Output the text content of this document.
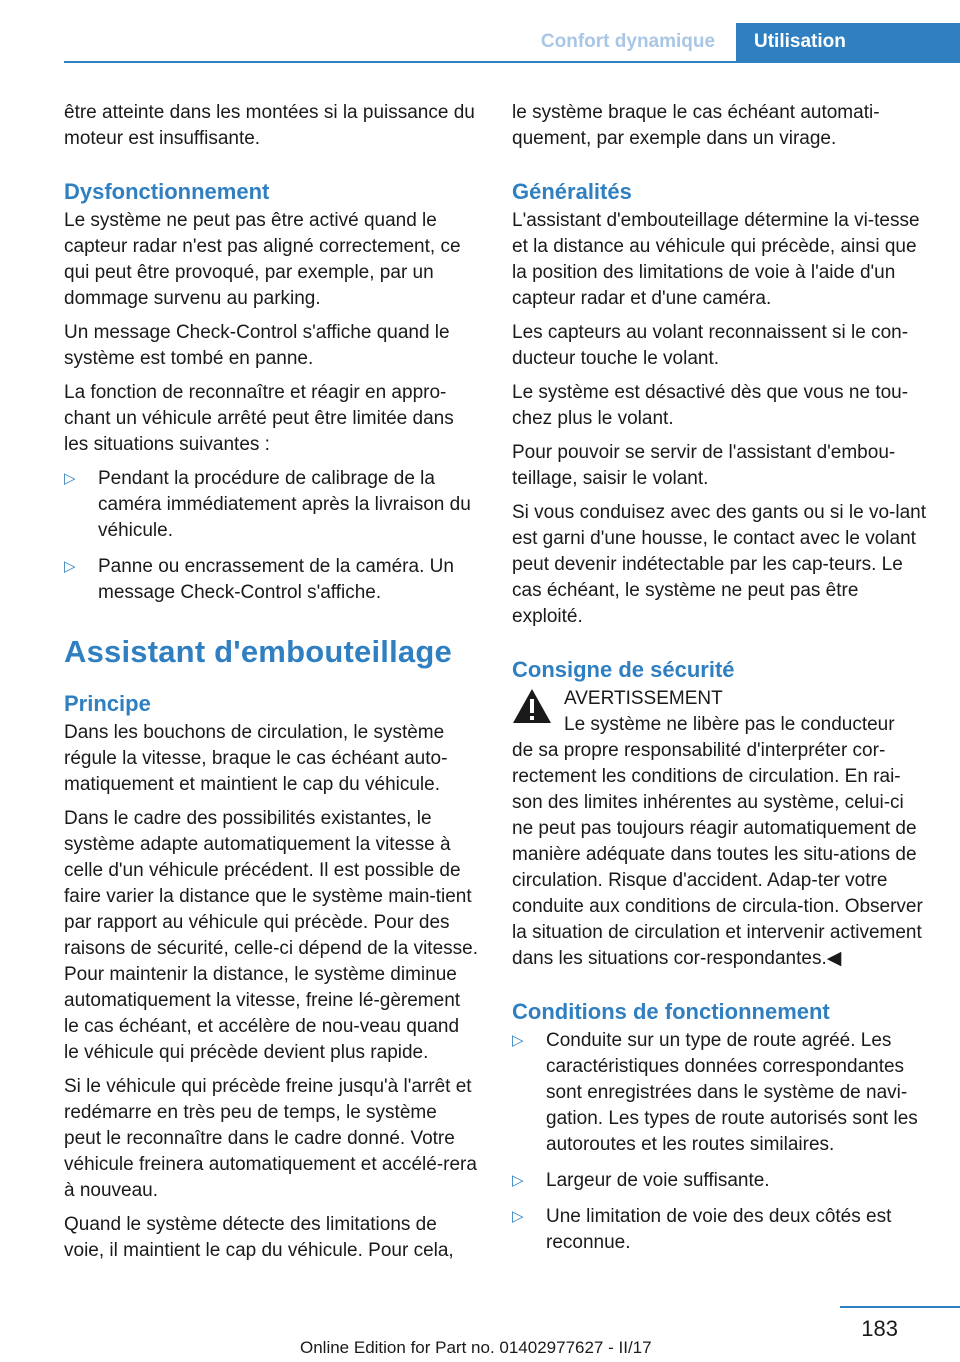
Confort dynamique	Utilisation

être atteinte dans les montées si la puissance du moteur est insuffisante.

Dysfonctionnement

Le système ne peut pas être activé quand le capteur radar n'est pas aligné correctement, ce qui peut être provoqué, par exemple, par un dommage survenu au parking.

Un message Check-Control s'affiche quand le système est tombé en panne.

La fonction de reconnaître et réagir en appro‐chant un véhicule arrêté peut être limitée dans les situations suivantes :

▷ Pendant la procédure de calibrage de la caméra immédiatement après la livraison du véhicule.
▷ Panne ou encrassement de la caméra. Un message Check-Control s'affiche.
Assistant d'embouteillage
Principe

Dans les bouchons de circulation, le système régule la vitesse, braque le cas échéant auto‐matiquement et maintient le cap du véhicule.

Dans le cadre des possibilités existantes, le système adapte automatiquement la vitesse à celle d'un véhicule précédent. Il est possible de faire varier la distance que le système main‐tient par rapport au véhicule qui précède. Pour des raisons de sécurité, celle-ci dépend de la vitesse. Pour maintenir la distance, le système diminue automatiquement la vitesse, freine lé‐gèrement le cas échéant, et accélère de nou‐veau quand le véhicule qui précède devient plus rapide.

Si le véhicule qui précède freine jusqu'à l'arrêt et redémarre en très peu de temps, le système peut le reconnaître dans le cadre donné. Votre véhicule freinera automatiquement et accélé‐rera à nouveau.

Quand le système détecte des limitations de voie, il maintient le cap du véhicule. Pour cela,

le système braque le cas échéant automati‐quement, par exemple dans un virage.

Généralités

L'assistant d'embouteillage détermine la vi‐tesse et la distance au véhicule qui précède, ainsi que la position des limitations de voie à l'aide d'un capteur radar et d'une caméra.

Les capteurs au volant reconnaissent si le con‐ducteur touche le volant.

Le système est désactivé dès que vous ne tou‐chez plus le volant.

Pour pouvoir se servir de l'assistant d'embou‐teillage, saisir le volant.

Si vous conduisez avec des gants ou si le vo‐lant est garni d'une housse, le contact avec le volant peut devenir indétectable par les cap‐teurs. Le cas échéant, le système ne peut pas être exploité.

Consigne de sécurité
AVERTISSEMENT
Le système ne libère pas le conducteur

de sa propre responsabilité d'interpréter cor‐rectement les conditions de circulation. En rai‐son des limites inhérentes au système, celui-ci ne peut pas toujours réagir automatiquement de manière adéquate dans toutes les situ‐ations de circulation. Risque d'accident. Adap‐ter votre conduite aux conditions de circula‐tion. Observer la situation de circulation et intervenir activement dans les situations cor‐respondantes.◀

Conditions de fonctionnement
▷ Conduite sur un type de route agréé. Les caractéristiques données correspondantes sont enregistrées dans le système de navi‐gation. Les types de route autorisés sont les autoroutes et les routes similaires.
▷ Largeur de voie suffisante.
▷ Une limitation de voie des deux côtés est reconnue.
183
Online Edition for Part no. 01402977627 - II/17
